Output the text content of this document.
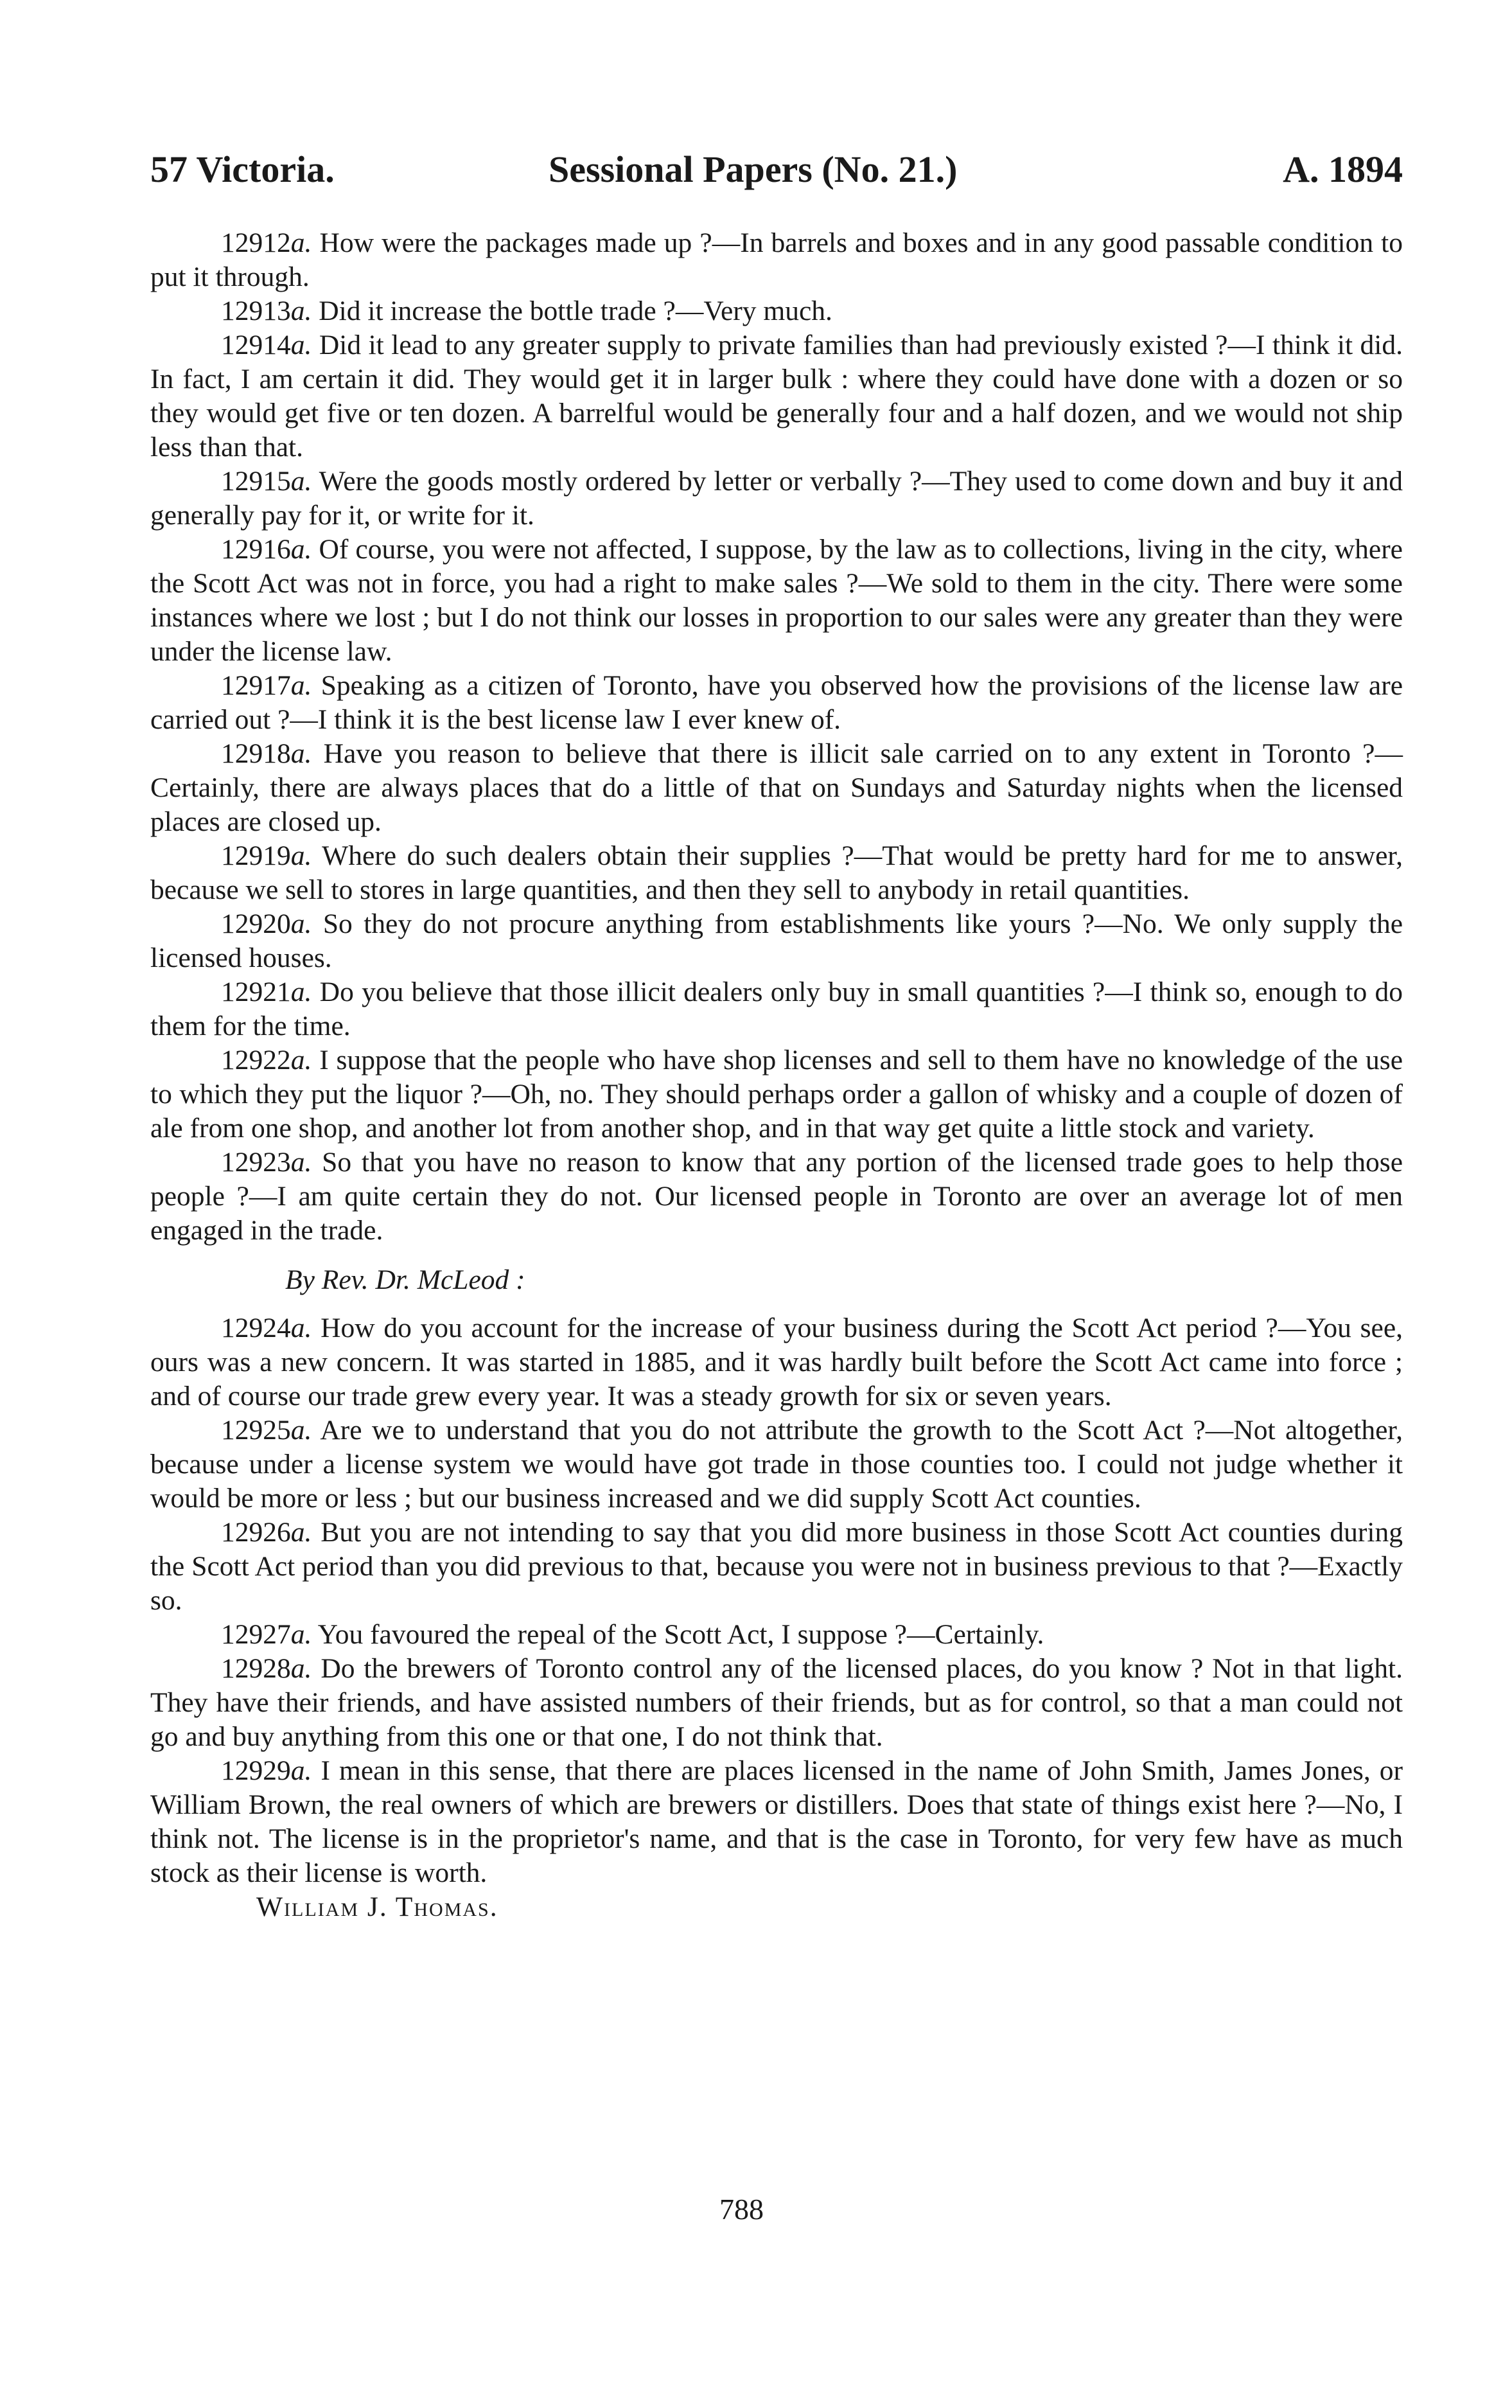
57 Victoria.	Sessional Papers (No. 21.)	A. 1894

12912a. How were the packages made up ?—In barrels and boxes and in any good passable condition to put it through.

12913a. Did it increase the bottle trade ?—Very much.

12914a. Did it lead to any greater supply to private families than had previously existed ?—I think it did. In fact, I am certain it did. They would get it in larger bulk : where they could have done with a dozen or so they would get five or ten dozen. A barrelful would be generally four and a half dozen, and we would not ship less than that.

12915a. Were the goods mostly ordered by letter or verbally ?—They used to come down and buy it and generally pay for it, or write for it.

12916a. Of course, you were not affected, I suppose, by the law as to collections, living in the city, where the Scott Act was not in force, you had a right to make sales ?—We sold to them in the city. There were some instances where we lost ; but I do not think our losses in proportion to our sales were any greater than they were under the license law.

12917a. Speaking as a citizen of Toronto, have you observed how the provisions of the license law are carried out ?—I think it is the best license law I ever knew of.

12918a. Have you reason to believe that there is illicit sale carried on to any extent in Toronto ?—Certainly, there are always places that do a little of that on Sundays and Saturday nights when the licensed places are closed up.

12919a. Where do such dealers obtain their supplies ?—That would be pretty hard for me to answer, because we sell to stores in large quantities, and then they sell to anybody in retail quantities.

12920a. So they do not procure anything from establishments like yours ?—No. We only supply the licensed houses.

12921a. Do you believe that those illicit dealers only buy in small quantities ?—I think so, enough to do them for the time.

12922a. I suppose that the people who have shop licenses and sell to them have no knowledge of the use to which they put the liquor ?—Oh, no. They should perhaps order a gallon of whisky and a couple of dozen of ale from one shop, and another lot from another shop, and in that way get quite a little stock and variety.

12923a. So that you have no reason to know that any portion of the licensed trade goes to help those people ?—I am quite certain they do not. Our licensed people in Toronto are over an average lot of men engaged in the trade.

By Rev. Dr. McLeod :

12924a. How do you account for the increase of your business during the Scott Act period ?—You see, ours was a new concern. It was started in 1885, and it was hardly built before the Scott Act came into force ; and of course our trade grew every year. It was a steady growth for six or seven years.

12925a. Are we to understand that you do not attribute the growth to the Scott Act ?—Not altogether, because under a license system we would have got trade in those counties too. I could not judge whether it would be more or less ; but our business increased and we did supply Scott Act counties.

12926a. But you are not intending to say that you did more business in those Scott Act counties during the Scott Act period than you did previous to that, because you were not in business previous to that ?—Exactly so.

12927a. You favoured the repeal of the Scott Act, I suppose ?—Certainly.

12928a. Do the brewers of Toronto control any of the licensed places, do you know ? Not in that light. They have their friends, and have assisted numbers of their friends, but as for control, so that a man could not go and buy anything from this one or that one, I do not think that.

12929a. I mean in this sense, that there are places licensed in the name of John Smith, James Jones, or William Brown, the real owners of which are brewers or distillers. Does that state of things exist here ?—No, I think not. The license is in the proprietor's name, and that is the case in Toronto, for very few have as much stock as their license is worth.

William J. Thomas.

788
